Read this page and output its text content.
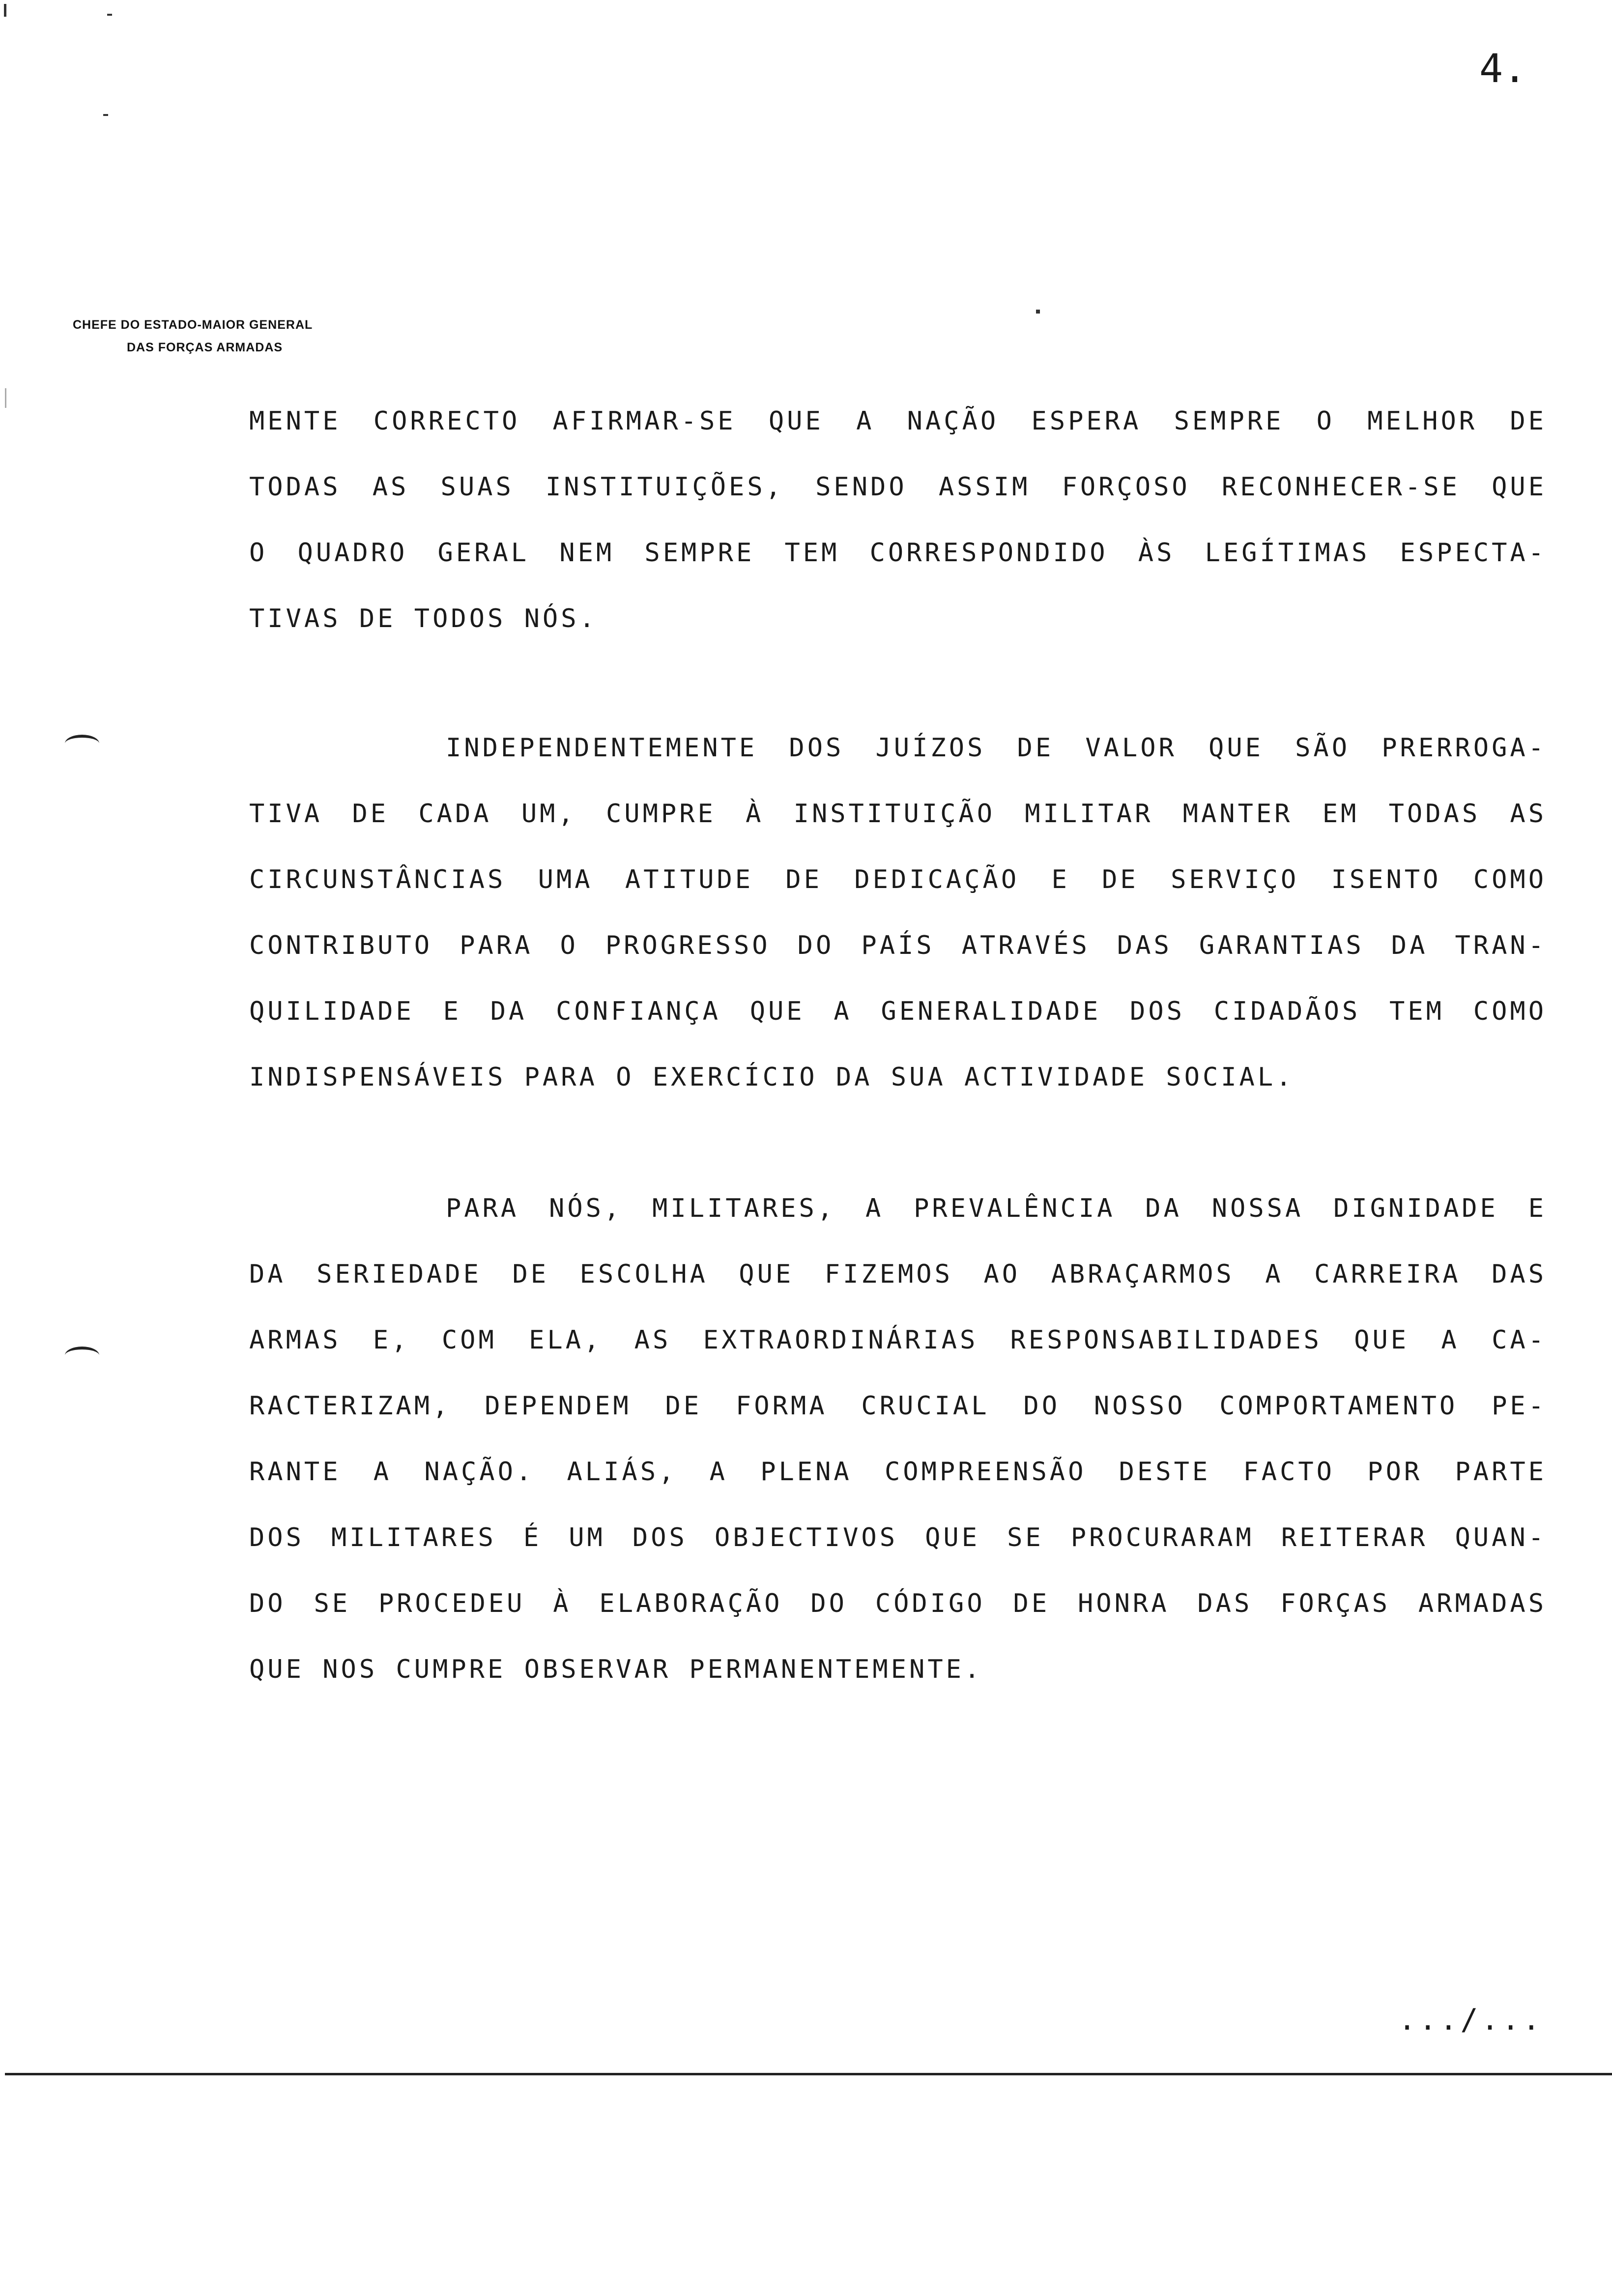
4.
CHEFE DO ESTADO-MAIOR GENERAL
DAS FORÇAS ARMADAS
MENTE CORRECTO AFIRMAR-SE QUE A NAÇÃO ESPERA SEMPRE O MELHOR DE
TODAS AS SUAS INSTITUIÇÕES, SENDO ASSIM FORÇOSO RECONHECER-SE QUE
O QUADRO GERAL NEM SEMPRE TEM CORRESPONDIDO ÀS LEGÍTIMAS ESPECTA-
TIVAS DE TODOS NÓS.
INDEPENDENTEMENTE DOS JUÍZOS DE VALOR QUE SÃO PRERROGA-
TIVA DE CADA UM, CUMPRE À INSTITUIÇÃO MILITAR MANTER EM TODAS AS
CIRCUNSTÂNCIAS UMA ATITUDE DE DEDICAÇÃO E DE SERVIÇO ISENTO COMO
CONTRIBUTO PARA O PROGRESSO DO PAÍS ATRAVÉS DAS GARANTIAS DA TRAN-
QUILIDADE E DA CONFIANÇA QUE A GENERALIDADE DOS CIDADÃOS TEM COMO
INDISPENSÁVEIS PARA O EXERCÍCIO DA SUA ACTIVIDADE SOCIAL.
PARA NÓS, MILITARES, A PREVALÊNCIA DA NOSSA DIGNIDADE E
DA SERIEDADE DE ESCOLHA QUE FIZEMOS AO ABRAÇARMOS A CARREIRA DAS
ARMAS E, COM ELA, AS EXTRAORDINÁRIAS RESPONSABILIDADES QUE A CA-
RACTERIZAM, DEPENDEM DE FORMA CRUCIAL DO NOSSO COMPORTAMENTO PE-
RANTE A NAÇÃO. ALIÁS, A PLENA COMPREENSÃO DESTE FACTO POR PARTE
DOS MILITARES É UM DOS OBJECTIVOS QUE SE PROCURARAM REITERAR QUAN-
DO SE PROCEDEU À ELABORAÇÃO DO CÓDIGO DE HONRA DAS FORÇAS ARMADAS
QUE NOS CUMPRE OBSERVAR PERMANENTEMENTE.
.../...
